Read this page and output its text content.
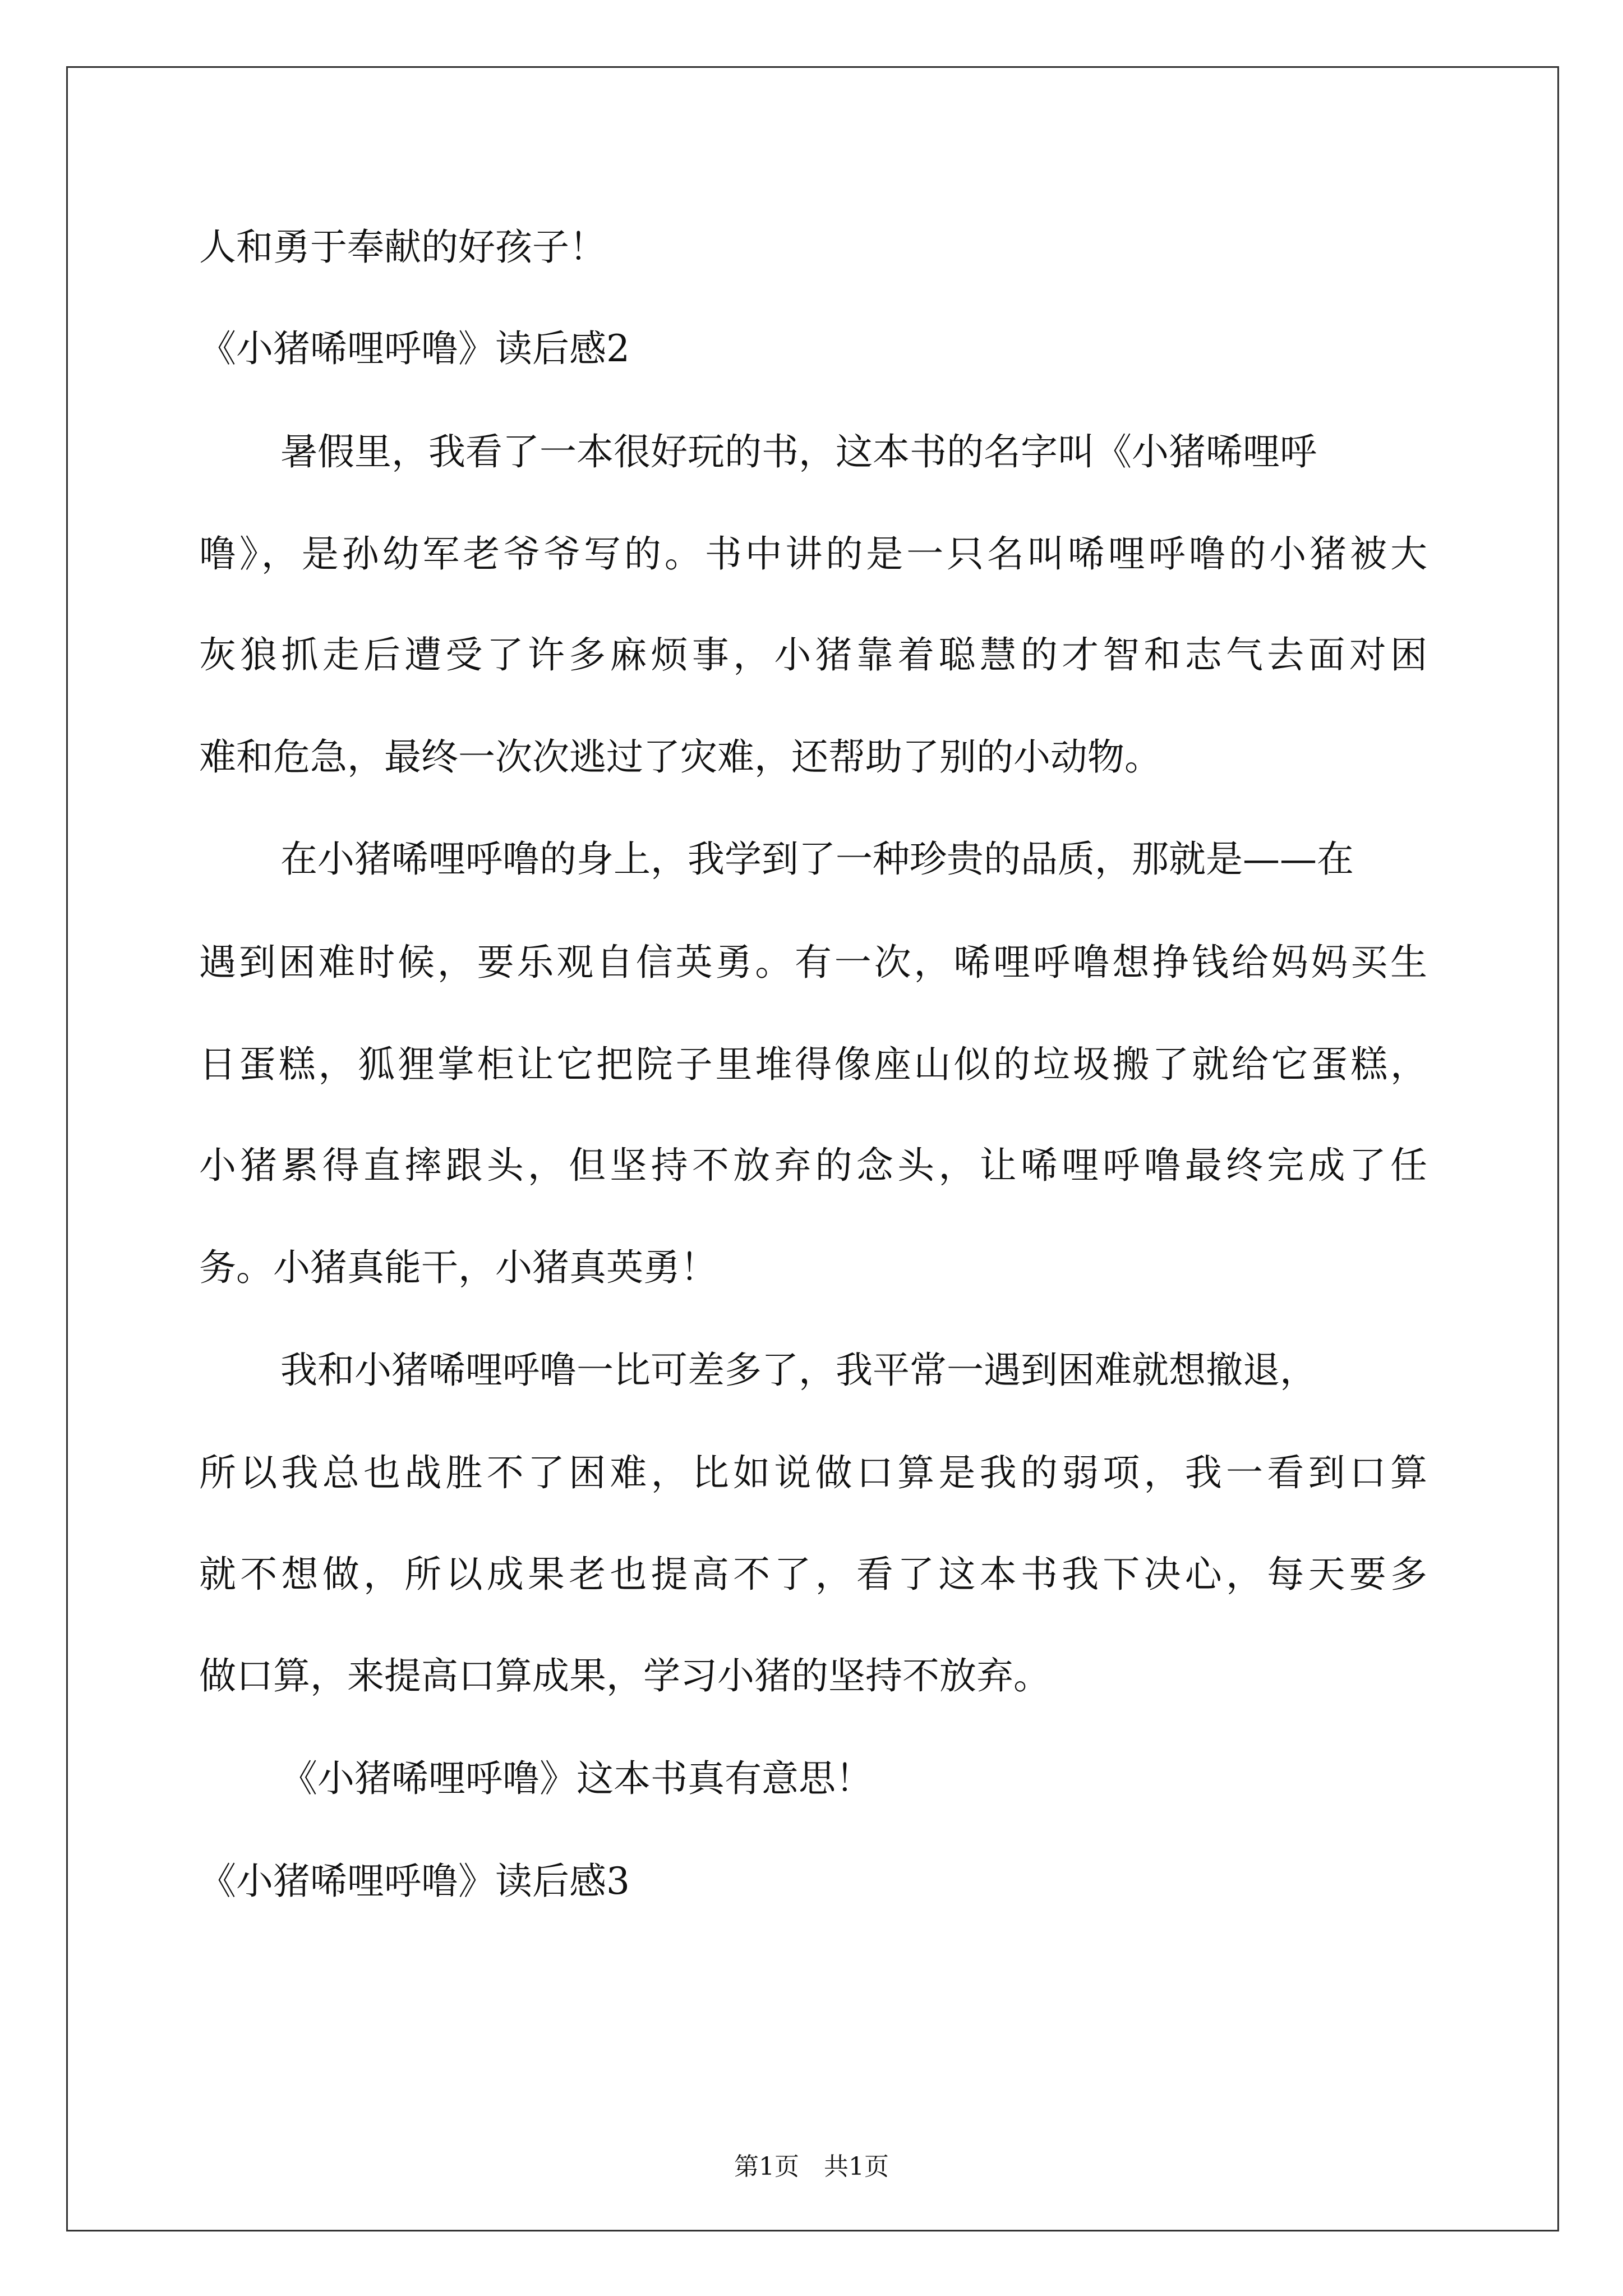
人和勇于奉献的好孩子！
《小猪唏哩呼噜》读后感2
暑假里，我看了一本很好玩的书，这本书的名字叫《小猪唏哩呼
噜》，是孙幼军老爷爷写的。书中讲的是一只名叫唏哩呼噜的小猪被大
灰狼抓走后遭受了许多麻烦事，小猪靠着聪慧的才智和志气去面对困
难和危急，最终一次次逃过了灾难，还帮助了别的小动物。
在小猪唏哩呼噜的身上，我学到了一种珍贵的品质，那就是——在
遇到困难时候，要乐观自信英勇。有一次，唏哩呼噜想挣钱给妈妈买生
日蛋糕，狐狸掌柜让它把院子里堆得像座山似的垃圾搬了就给它蛋糕，
小猪累得直摔跟头，但坚持不放弃的念头，让唏哩呼噜最终完成了任
务。小猪真能干，小猪真英勇！
我和小猪唏哩呼噜一比可差多了，我平常一遇到困难就想撤退，
所以我总也战胜不了困难，比如说做口算是我的弱项，我一看到口算
就不想做，所以成果老也提高不了，看了这本书我下决心，每天要多
做口算，来提高口算成果，学习小猪的坚持不放弃。
《小猪唏哩呼噜》这本书真有意思！
《小猪唏哩呼噜》读后感3
第1页　共1页
